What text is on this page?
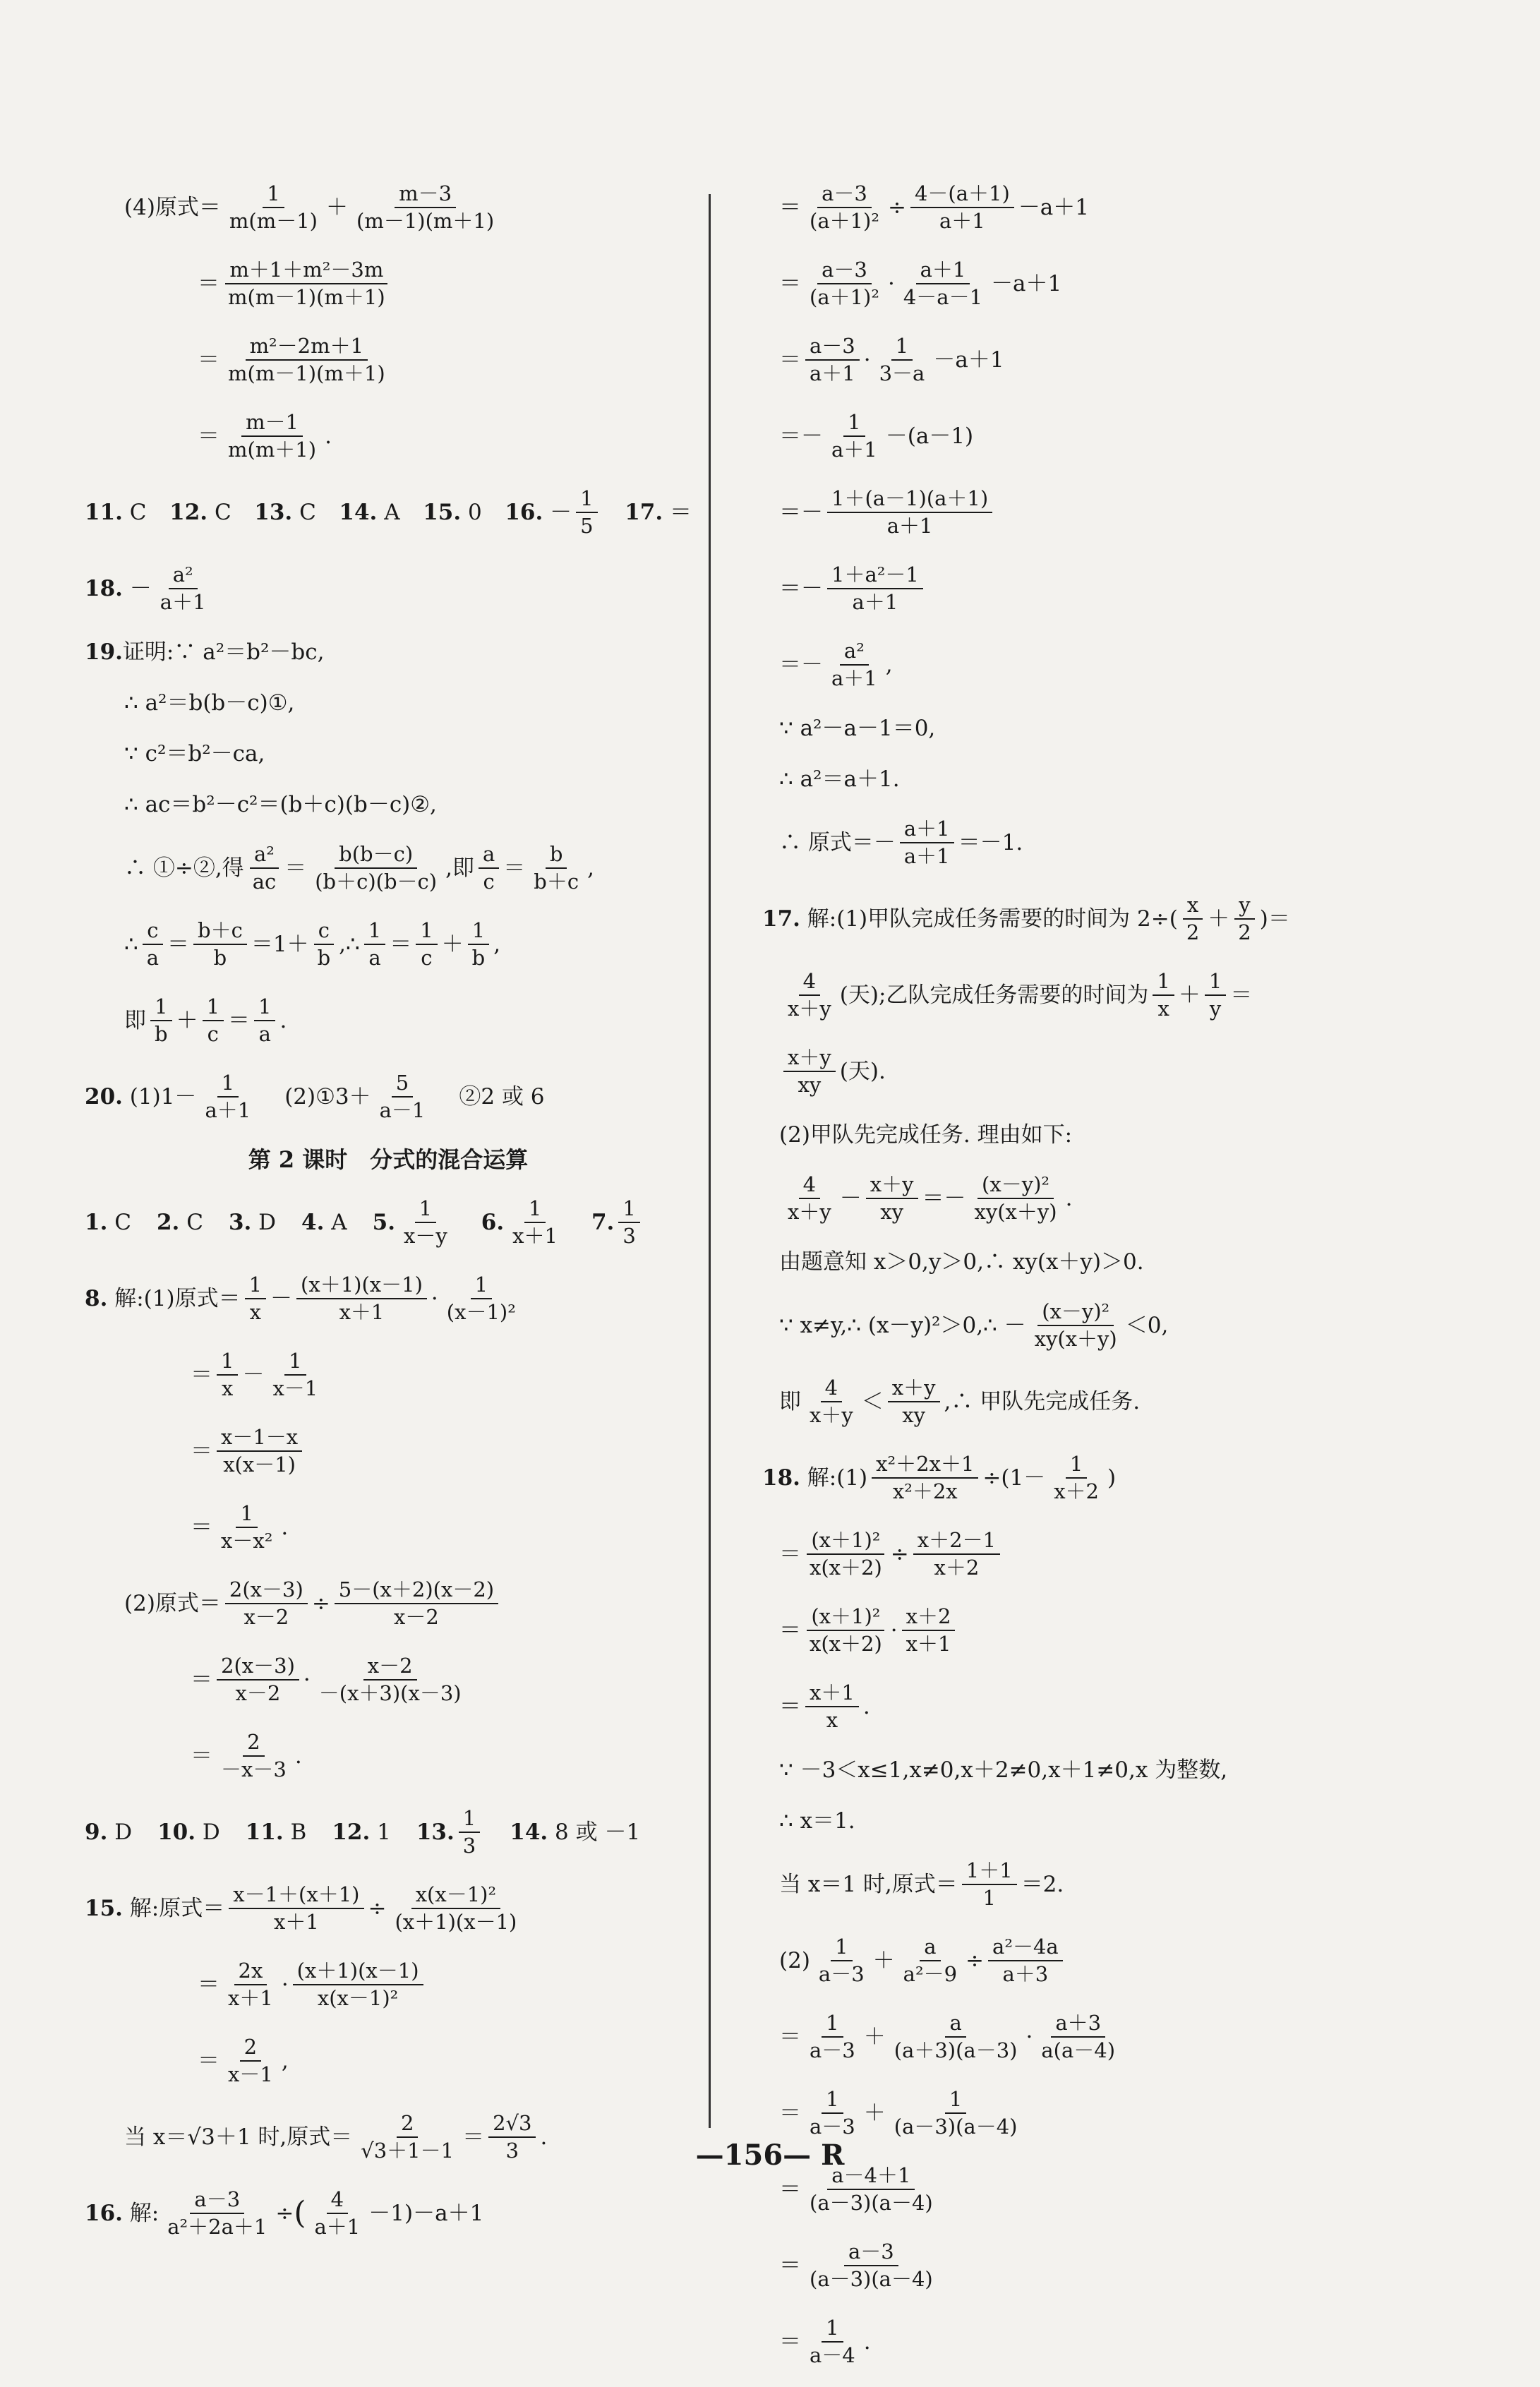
(4)原式＝ $\frac{1}{m(m-1)} + \frac{m-3}{(m-1)(m+1)}$
＝ $\frac{\text{m＋1＋m²－3m}}{m(m-1)(m+1)}$
＝ $\frac{\text{m²－2m＋1}}{m(m-1)(m+1)}$
＝ $\frac{m-1}{m(m+1)}$ .
11.
C 12.
C 13.
C 14.
A 15.
0 16.
－ $\frac{1}{5} 17$.
＝
18.
－ $\frac{\text{a²}}{a+1}$
19. 证明:∵ a²＝b²－bc,
∴ a²＝b(b－c)①,
∵ c²＝b²－ca,
∴ ac＝b²－c²＝(b＋c)(b－c)②,
∴ ①÷②,得 $\frac{\text{a²}}{ac} = \frac{b(b-c)}{(b+c)(b-c)}$ ,即 $\frac{a}{c} = \frac{b}{b+c}$ ,
∴ $\frac{c}{a} = \frac{b+c}{b} =1+ \frac{c}{b}$ ,∴ $\frac{1}{a} = \frac{1}{c} + \frac{1}{b}$ ,
即 $\frac{1}{b} + \frac{1}{c} = \frac{1}{a}$ .
20.
$(1)1- \frac{1}{a+1}$ (2)①3＋ $\frac{5}{a-1}$ ②2 或 6
第 2 课时　分式的混合运算
1.
C 2.
C 3.
D 4.
A 5. $\frac{1}{x-y} 6$. $\frac{1}{x+1} 7$. $\frac{1}{3}$
8.
解:(1)原式＝ $\frac{1}{x} - \frac{(x+1)(x-1)}{x+1} \cdot \frac{1}{\text{(x－1)²}}$
＝ $\frac{1}{x} - \frac{1}{x-1}$
＝ $\frac{x-1-x}{x(x-1)}$
＝ $\frac{1}{\text{x－x²}}$ .
(2)原式＝ $\frac{2(x-3)}{x-2} \div \frac{5-(x+2)(x-2)}{x-2}$
＝ $\frac{2(x-3)}{x-2} \cdot \frac{x-2}{-(x+3)(x-3)}$
＝ $\frac{2}{-x-3}$ .
9.
D 10.
D 11.
B 12.
1 13. $\frac{1}{3} 14$.
8 或 －1
15.
解:原式＝ $\frac{x-1+(x+1)}{x+1} \div \frac{\text{x(x－1)²}}{(x+1)(x-1)}$
＝ $\frac{2x}{x+1} \cdot \frac{(x+1)(x-1)}{\text{x(x－1)²}}$
＝ $\frac{2}{x-1}$ ,
当 x＝√3＋1 时,原式＝ $\frac{2}{√3+1-1} = \frac{2√3}{3}$ .
16.
解: $\frac{a-3}{\text{a²＋2a＋1}}$ ÷ ( $\frac{4}{a+1} -1)-a+1$
＝ $\frac{a-3}{\text{(a＋1)²}} \div \frac{4-(a+1)}{a+1} -a+1$
＝ $\frac{a-3}{\text{(a＋1)²}} \cdot \frac{a+1}{4-a-1} -a+1$
＝ $\frac{a-3}{a+1} \cdot \frac{1}{3-a} -a+1$
＝－ $\frac{1}{a+1} -(a-1)$
＝－ $\frac{1+(a-1)(a+1)}{a+1}$
＝－ $\frac{\text{1＋a²－1}}{a+1}$
＝－ $\frac{\text{a²}}{a+1}$ ,
∵ a²－a－1＝0,
∴ a²＝a＋1.
∴ 原式＝－ $\frac{a+1}{a+1} =-1$.
17.
解:(1)甲队完成任务需要的时间为 $2\div( \frac{x}{2} + \frac{y}{2}$ )＝
$\frac{4}{x+y}$ (天);乙队完成任务需要的时间为 $\frac{1}{x} + \frac{1}{y}$ ＝
$\frac{x+y}{xy}$ (天).
(2)甲队先完成任务. 理由如下:
$\frac{4}{x+y} - \frac{x+y}{xy} =- \frac{\text{(x－y)²}}{xy(x+y)}$ .
由题意知 x＞0,y＞0,∴ xy(x＋y)＞0.
∵ x≠y,∴ (x－y)²＞0,∴ － $\frac{\text{(x－y)²}}{xy(x+y)} <0$,
即 $\frac{4}{x+y} < \frac{x+y}{xy}$ ,∴ 甲队先完成任务.
18.
解:(1) $\frac{\text{x²＋2x＋1}}{\text{x²＋2x}} \div(1- \frac{1}{x+2}$ )
＝ $\frac{\text{(x＋1)²}}{x(x+2)} \div \frac{x+2-1}{x+2}$
＝ $\frac{\text{(x＋1)²}}{x(x+2)} \cdot \frac{x+2}{x+1}$
＝ $\frac{x+1}{x}$ .
∵ －3＜x≤1,x≠0,x＋2≠0,x＋1≠0,x 为整数,
∴ x＝1.
当 x＝1 时,原式＝ $\frac{1+1}{1} =2$.
$(2) \frac{1}{a-3} + \frac{a}{\text{a²－9}} \div \frac{\text{a²－4a}}{a+3}$
＝ $\frac{1}{a-3} + \frac{a}{(a+3)(a-3)} \cdot \frac{a+3}{a(a-4)}$
＝ $\frac{1}{a-3} + \frac{1}{(a-3)(a-4)}$
＝ $\frac{a-4+1}{(a-3)(a-4)}$
＝ $\frac{a-3}{(a-3)(a-4)}$
＝ $\frac{1}{a-4}$ .
—156— R
